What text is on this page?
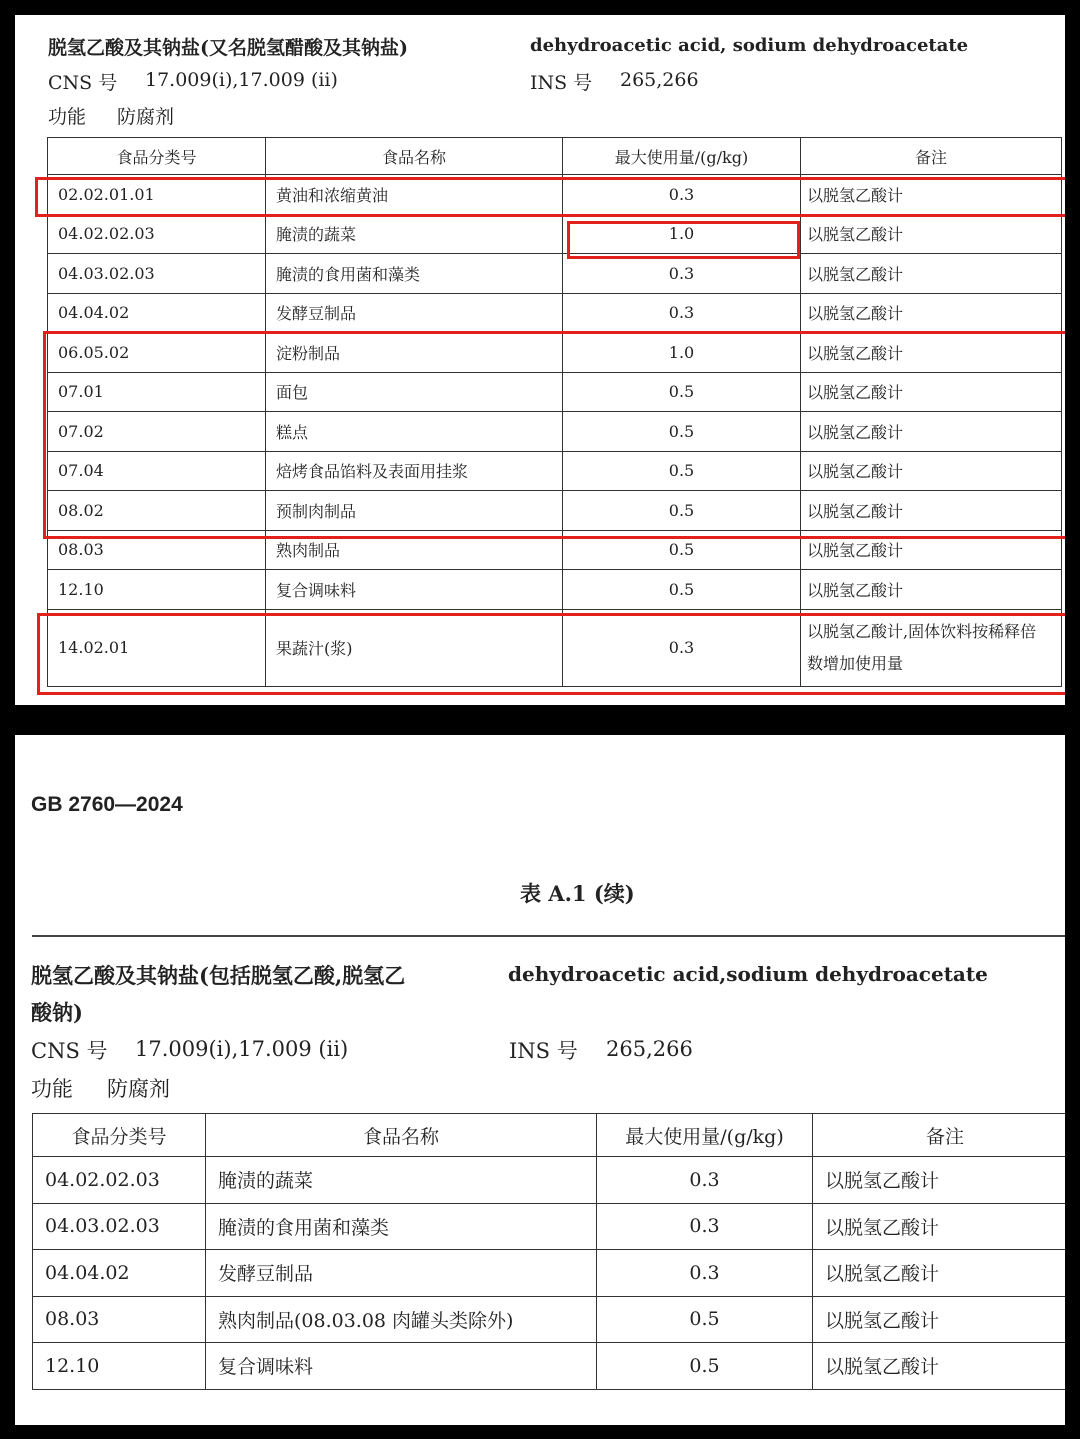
脱氢乙酸及其钠盐(又名脱氢醋酸及其钠盐)	dehydroacetic acid, sodium dehydroacetate
CNS 号 17.009(i),17.009 (ii)	INS 号 265,266
功能 防腐剂
食品分类号	食品名称	最大使用量/(g/kg)	备注
02.02.01.01	黄油和浓缩黄油	0.3	以脱氢乙酸计
04.02.02.03	腌渍的蔬菜	1.0	以脱氢乙酸计
04.03.02.03	腌渍的食用菌和藻类	0.3	以脱氢乙酸计
04.04.02	发酵豆制品	0.3	以脱氢乙酸计
06.05.02	淀粉制品	1.0	以脱氢乙酸计
07.01	面包	0.5	以脱氢乙酸计
07.02	糕点	0.5	以脱氢乙酸计
07.04	焙烤食品馅料及表面用挂浆	0.5	以脱氢乙酸计
08.02	预制肉制品	0.5	以脱氢乙酸计
08.03	熟肉制品	0.5	以脱氢乙酸计
12.10	复合调味料	0.5	以脱氢乙酸计
14.02.01	果蔬汁(浆)	0.3	以脱氢乙酸计,固体饮料按稀释倍数增加使用量
GB 2760—2024
表 A.1 (续)
脱氢乙酸及其钠盐(包括脱氢乙酸,脱氢乙
酸钠)
dehydroacetic acid,sodium dehydroacetate
CNS 号 17.009(i),17.009 (ii)	INS 号 265,266
功能 防腐剂
食品分类号	食品名称	最大使用量/(g/kg)	备注
04.02.02.03	腌渍的蔬菜	0.3	以脱氢乙酸计
04.03.02.03	腌渍的食用菌和藻类	0.3	以脱氢乙酸计
04.04.02	发酵豆制品	0.3	以脱氢乙酸计
08.03	熟肉制品(08.03.08 肉罐头类除外)	0.5	以脱氢乙酸计
12.10	复合调味料	0.5	以脱氢乙酸计
